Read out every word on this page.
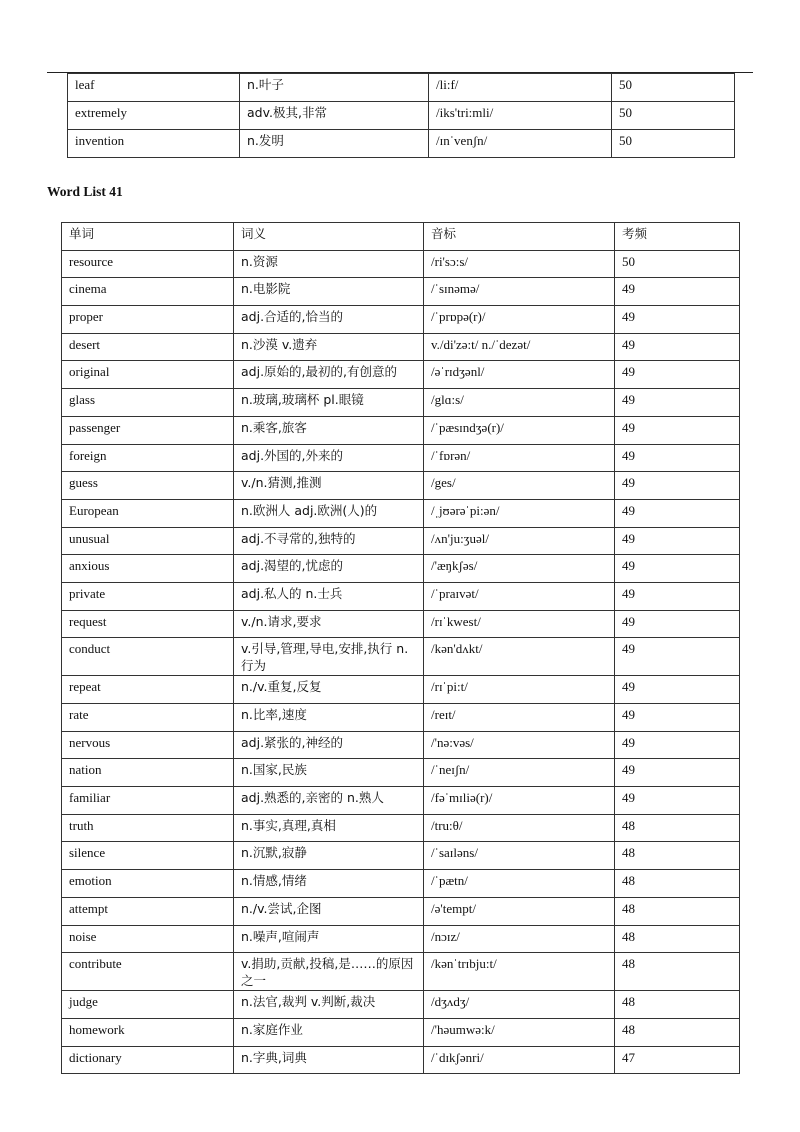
leaf	n.叶子	/li:f/	50
extremely	adv.极其,非常	/iks'tri:mli/	50
invention	n.发明	/ɪnˈvenʃn/	50
Word List 41
单词	词义	音标	考频
resource	n.资源	/ri'sɔ:s/	50
cinema	n.电影院	/ˈsɪnəmə/	49
proper	adj.合适的,恰当的	/ˈprɒpə(r)/	49
desert	n.沙漠 v.遗弃	v./di'zə:t/ n./ˈdezət/	49
original	adj.原始的,最初的,有创意的	/əˈrɪdʒənl/	49
glass	n.玻璃,玻璃杯 pl.眼镜	/glɑ:s/	49
passenger	n.乘客,旅客	/ˈpæsɪndʒə(r)/	49
foreign	adj.外国的,外来的	/ˈfɒrən/	49
guess	v./n.猜测,推测	/ges/	49
European	n.欧洲人 adj.欧洲(人)的	/ˌjʊərəˈpi:ən/	49
unusual	adj.不寻常的,独特的	/ʌn'ju:ʒuəl/	49
anxious	adj.渴望的,忧虑的	/'æŋkʃəs/	49
private	adj.私人的 n.士兵	/ˈpraɪvət/	49
request	v./n.请求,要求	/rɪˈkwest/	49
conduct	v.引导,管理,导电,安排,执行 n.行为	/kən'dʌkt/	49
repeat	n./v.重复,反复	/rɪˈpi:t/	49
rate	n.比率,速度	/reɪt/	49
nervous	adj.紧张的,神经的	/'nə:vəs/	49
nation	n.国家,民族	/ˈneɪʃn/	49
familiar	adj.熟悉的,亲密的 n.熟人	/fəˈmɪliə(r)/	49
truth	n.事实,真理,真相	/tru:θ/	48
silence	n.沉默,寂静	/ˈsaɪləns/	48
emotion	n.情感,情绪	/ˈpætn/	48
attempt	n./v.尝试,企图	/ə'tempt/	48
noise	n.噪声,喧闹声	/nɔɪz/	48
contribute	v.捐助,贡献,投稿,是……的原因之一	/kənˈtrɪbju:t/	48
judge	n.法官,裁判 v.判断,裁决	/dʒʌdʒ/	48
homework	n.家庭作业	/'həumwə:k/	48
dictionary	n.字典,词典	/ˈdɪkʃənri/	47
